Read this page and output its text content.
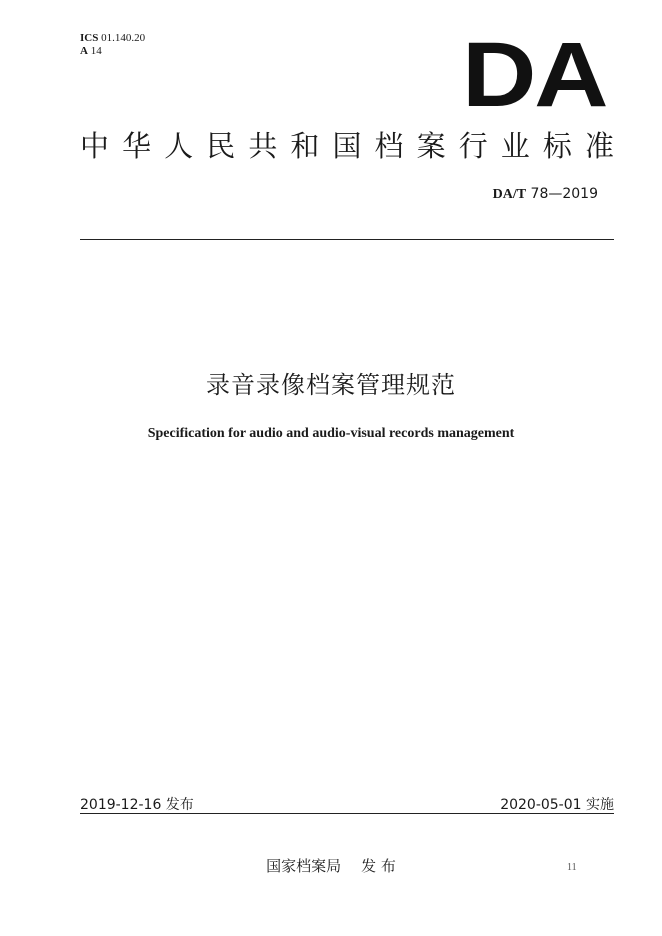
ICS 01.140.20
A 14	DA
中 华 人 民 共 和 国 档 案 行 业 标 准
DA/T 78—2019
录音录像档案管理规范
Specification for audio and audio-visual records management
2019-12-16 发布	2020-05-01 实施
国家档案局 发 布	11
